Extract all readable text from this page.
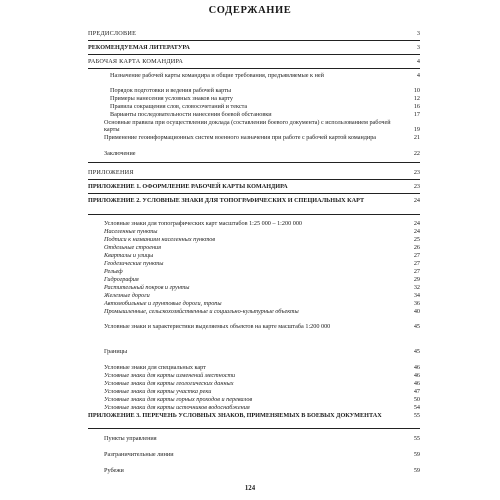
СОДЕРЖАНИЕ
ПРЕДИСЛОВИЕ	3
РЕКОМЕНДУЕМАЯ ЛИТЕРАТУРА	3
РАБОЧАЯ КАРТА КОМАНДИРА	4
Назначение рабочей карты командира и общие требования, предъявляемые к ней	4
Порядок подготовки и ведения рабочей карты	10
Примеры нанесения условных знаков на карту	12
Правила сокращения слов, словосочетаний и текста	16
Варианты последовательности нанесения боевой обстановки	17
Основные правила при осуществлении доклада (составлении боевого документа) с использованием рабочей карты	19
Применение геоинформационных систем военного назначения при работе с рабочей картой командира	21
Заключение	22
ПРИЛОЖЕНИЯ	23
ПРИЛОЖЕНИЕ 1. ОФОРМЛЕНИЕ РАБОЧЕЙ КАРТЫ КОМАНДИРА	23
ПРИЛОЖЕНИЕ 2. УСЛОВНЫЕ ЗНАКИ ДЛЯ ТОПОГРАФИЧЕСКИХ И СПЕЦИАЛЬНЫХ КАРТ	24
Условные знаки для топографических карт масштабов 1:25 000 – 1:200 000	24
Населенные пункты	24
Подписи к названиям населенных пунктов	25
Отдельные строения	26
Кварталы и улицы	27
Геодезические пункты	27
Рельеф	27
Гидрография	29
Растительный покров и грунты	32
Железные дороги	34
Автомобильные и грунтовые дороги, тропы	36
Промышленные, сельскохозяйственные и социально-культурные объекты	40
Условные знаки и характеристики выделяемых объектов на карте масштаба 1:200 000	45
Границы	45
Условные знаки для специальных карт	46
Условные знаки для карты изменений местности	46
Условные знаки для карты геологических данных	46
Условные знаки для карты участка реки	47
Условные знаки для карты горных проходов и перевалов	50
Условные знаки для карты источников водоснабжения	54
ПРИЛОЖЕНИЕ 3. ПЕРЕЧЕНЬ УСЛОВНЫХ ЗНАКОВ, ПРИМЕНЯЕМЫХ В БОЕВЫХ ДОКУМЕНТАХ	55
Пункты управления	55
Разграничительные линии	59
Рубежи	59
124
